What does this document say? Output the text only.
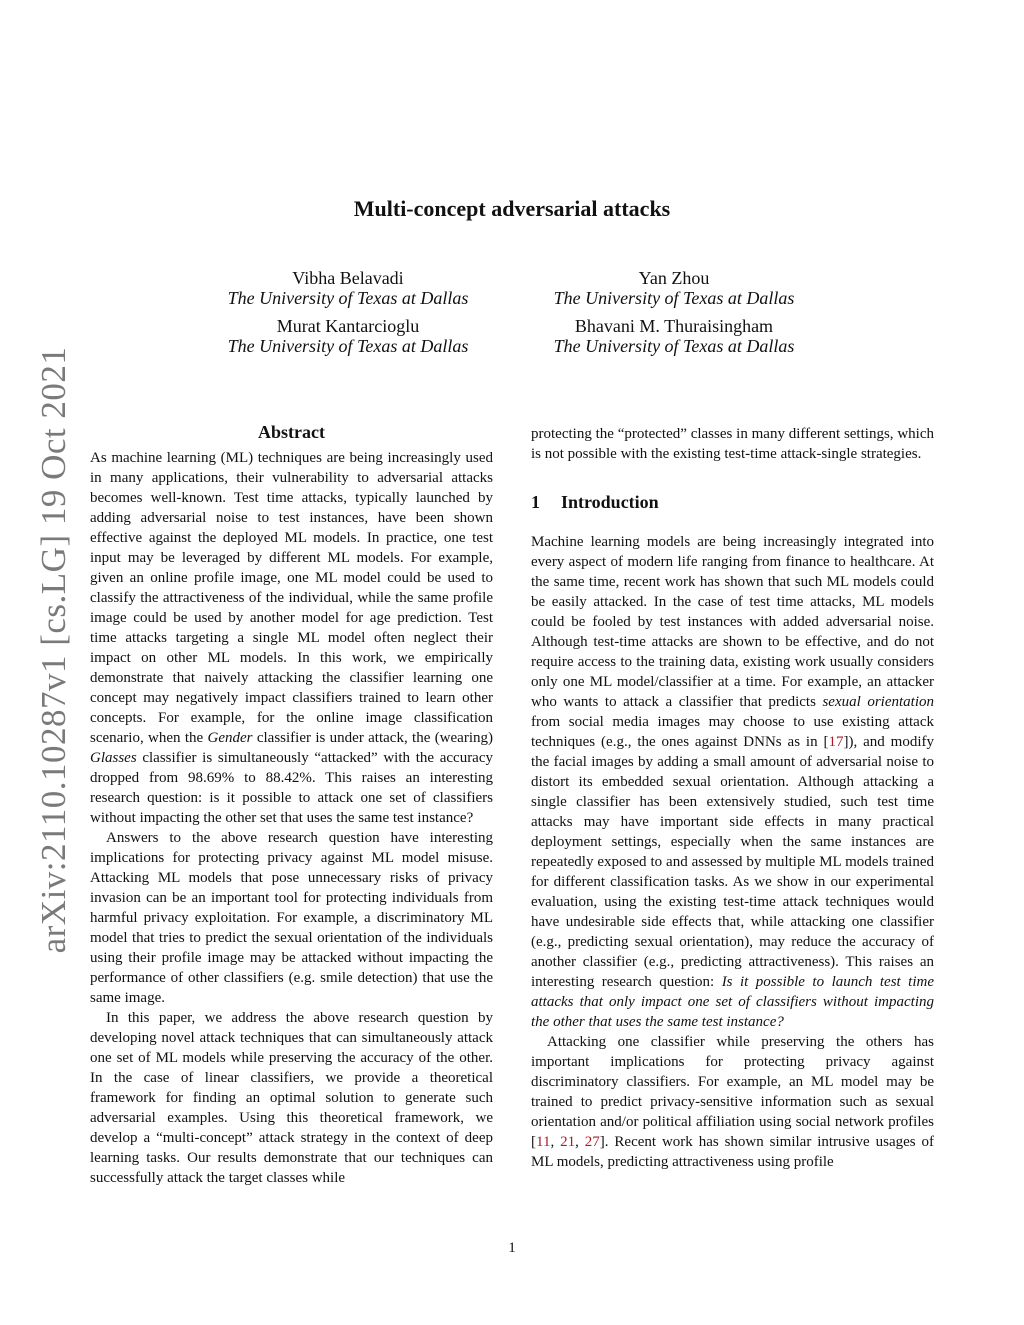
arXiv:2110.10287v1 [cs.LG] 19 Oct 2021
Multi-concept adversarial attacks
Vibha Belavadi
The University of Texas at Dallas
Yan Zhou
The University of Texas at Dallas
Murat Kantarcioglu
The University of Texas at Dallas
Bhavani M. Thuraisingham
The University of Texas at Dallas
Abstract

As machine learning (ML) techniques are being increasingly used in many applications, their vulnerability to adversarial attacks becomes well-known. Test time attacks, typically launched by adding adversarial noise to test instances, have been shown effective against the deployed ML models. In practice, one test input may be leveraged by different ML models. For example, given an online profile image, one ML model could be used to classify the attractiveness of the individual, while the same profile image could be used by another model for age prediction. Test time attacks targeting a single ML model often neglect their impact on other ML models. In this work, we empirically demonstrate that naively attacking the classifier learning one concept may negatively impact classifiers trained to learn other concepts. For example, for the online image classification scenario, when the Gender classifier is under attack, the (wearing) Glasses classifier is simultaneously “attacked” with the accuracy dropped from 98.69% to 88.42%. This raises an interesting research question: is it possible to attack one set of classifiers without impacting the other set that uses the same test instance?

Answers to the above research question have interesting implications for protecting privacy against ML model misuse. Attacking ML models that pose unnecessary risks of privacy invasion can be an important tool for protecting individuals from harmful privacy exploitation. For example, a discriminatory ML model that tries to predict the sexual orientation of the individuals using their profile image may be attacked without impacting the performance of other classifiers (e.g. smile detection) that use the same image.

In this paper, we address the above research question by developing novel attack techniques that can simultaneously attack one set of ML models while preserving the accuracy of the other. In the case of linear classifiers, we provide a theoretical framework for finding an optimal solution to generate such adversarial examples. Using this theoretical framework, we develop a “multi-concept” attack strategy in the context of deep learning tasks. Our results demonstrate that our techniques can successfully attack the target classes while

protecting the “protected” classes in many different settings, which is not possible with the existing test-time attack-single strategies.

1 Introduction

Machine learning models are being increasingly integrated into every aspect of modern life ranging from finance to healthcare. At the same time, recent work has shown that such ML models could be easily attacked. In the case of test time attacks, ML models could be fooled by test instances with added adversarial noise. Although test-time attacks are shown to be effective, and do not require access to the training data, existing work usually considers only one ML model/classifier at a time. For example, an attacker who wants to attack a classifier that predicts sexual orientation from social media images may choose to use existing attack techniques (e.g., the ones against DNNs as in [17]), and modify the facial images by adding a small amount of adversarial noise to distort its embedded sexual orientation. Although attacking a single classifier has been extensively studied, such test time attacks may have important side effects in many practical deployment settings, especially when the same instances are repeatedly exposed to and assessed by multiple ML models trained for different classification tasks. As we show in our experimental evaluation, using the existing test-time attack techniques would have undesirable side effects that, while attacking one classifier (e.g., predicting sexual orientation), may reduce the accuracy of another classifier (e.g., predicting attractiveness). This raises an interesting research question: Is it possible to launch test time attacks that only impact one set of classifiers without impacting the other that uses the same test instance?

Attacking one classifier while preserving the others has important implications for protecting privacy against discriminatory classifiers. For example, an ML model may be trained to predict privacy-sensitive information such as sexual orientation and/or political affiliation using social network profiles [11, 21, 27]. Recent work has shown similar intrusive usages of ML models, predicting attractiveness using profile

1
